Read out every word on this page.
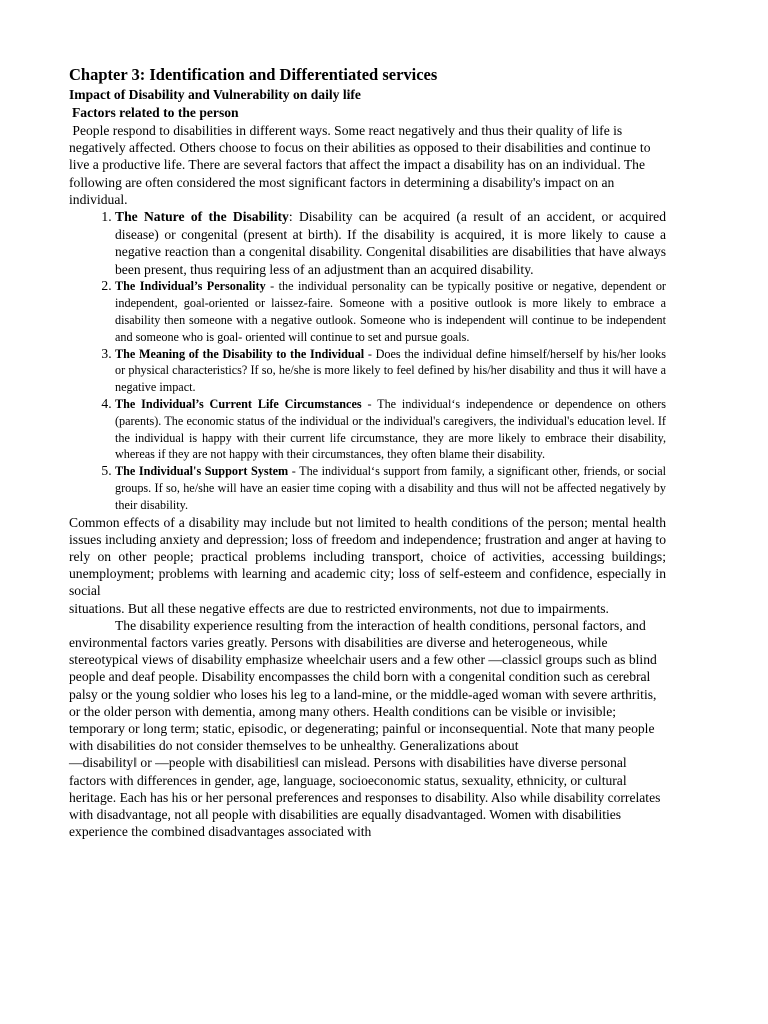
Chapter 3: Identification and Differentiated services
Impact of Disability and Vulnerability on daily life
Factors related to the person

People respond to disabilities in different ways. Some react negatively and thus their quality of life is negatively affected. Others choose to focus on their abilities as opposed to their disabilities and continue to live a productive life. There are several factors that affect the impact a disability has on an individual. The following are often considered the most significant factors in determining a disability's impact on an individual.

1. The Nature of the Disability: Disability can be acquired (a result of an accident, or acquired disease) or congenital (present at birth). If the disability is acquired, it is more likely to cause a negative reaction than a congenital disability. Congenital disabilities are disabilities that have always been present, thus requiring less of an adjustment than an acquired disability.
2. The Individual’s Personality - the individual personality can be typically positive or negative, dependent or independent, goal-oriented or laissez-faire. Someone with a positive outlook is more likely to embrace a disability then someone with a negative outlook. Someone who is independent will continue to be independent and someone who is goal- oriented will continue to set and pursue goals.
3. The Meaning of the Disability to the Individual - Does the individual define himself/herself by his/her looks or physical characteristics? If so, he/she is more likely to feel defined by his/her disability and thus it will have a negative impact.
4. The Individual’s Current Life Circumstances - The individual‘s independence or dependence on others (parents). The economic status of the individual or the individual's caregivers, the individual's education level. If the individual is happy with their current life circumstance, they are more likely to embrace their disability, whereas if they are not happy with their circumstances, they often blame their disability.
5. The Individual's Support System - The individual‘s support from family, a significant other, friends, or social groups. If so, he/she will have an easier time coping with a disability and thus will not be affected negatively by their disability.

Common effects of a disability may include but not limited to health conditions of the person; mental health issues including anxiety and depression; loss of freedom and independence; frustration and anger at having to rely on other people; practical problems including transport, choice of activities, accessing buildings; unemployment; problems with learning and academic city; loss of self-esteem and confidence, especially in social

situations. But all these negative effects are due to restricted environments, not due to impairments.

The disability experience resulting from the interaction of health conditions, personal factors, and environmental factors varies greatly. Persons with disabilities are diverse and heterogeneous, while stereotypical views of disability emphasize wheelchair users and a few other ―classic‖ groups such as blind people and deaf people. Disability encompasses the child born with a congenital condition such as cerebral palsy or the young soldier who loses his leg to a land-mine, or the middle-aged woman with severe arthritis, or the older person with dementia, among many others. Health conditions can be visible or invisible; temporary or long term; static, episodic, or degenerating; painful or inconsequential. Note that many people with disabilities do not consider themselves to be unhealthy. Generalizations about

―disability‖ or ―people with disabilities‖ can mislead. Persons with disabilities have diverse personal factors with differences in gender, age, language, socioeconomic status, sexuality, ethnicity, or cultural heritage. Each has his or her personal preferences and responses to disability. Also while disability correlates with disadvantage, not all people with disabilities are equally disadvantaged. Women with disabilities experience the combined disadvantages associated with
